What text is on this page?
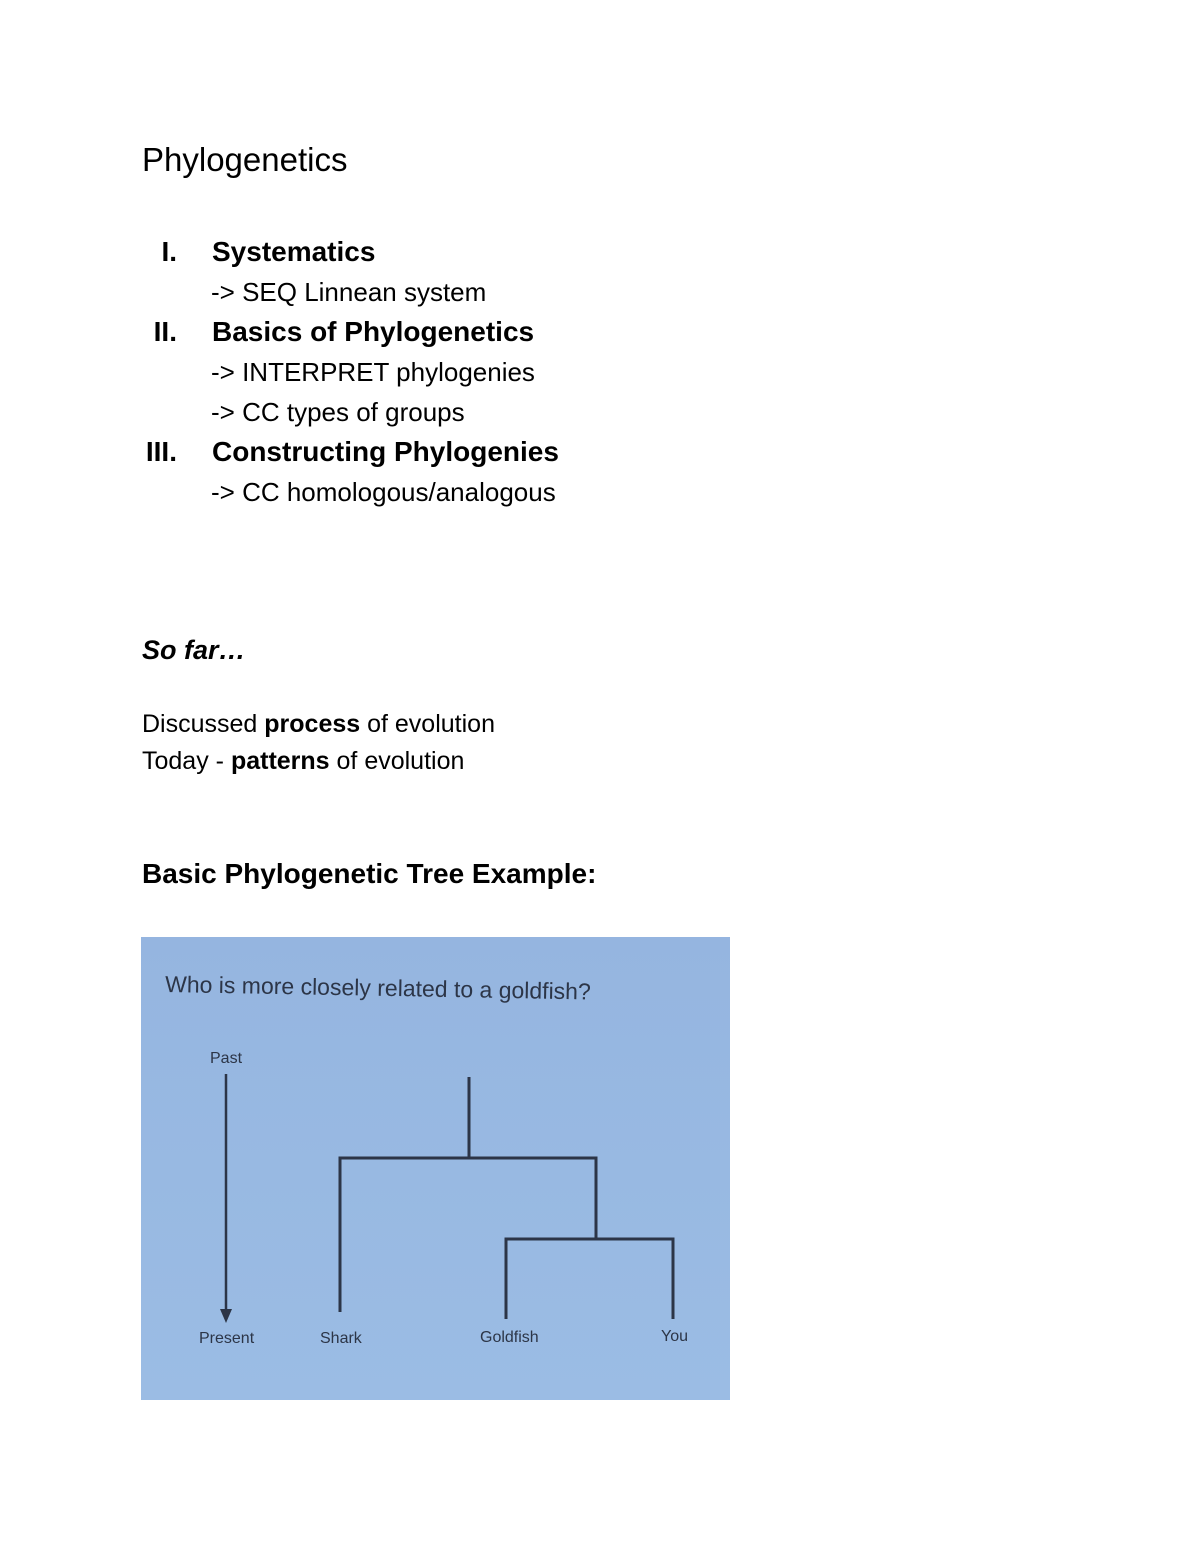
Phylogenetics
I. Systematics
-> SEQ Linnean system
II. Basics of Phylogenetics
-> INTERPRET phylogenies
-> CC types of groups
III. Constructing Phylogenies
-> CC homologous/analogous
So far…
Discussed process of evolution
Today - patterns of evolution
Basic Phylogenetic Tree Example:
Who is more closely related to a goldfish?
Past
Present	Shark	Goldfish	You
